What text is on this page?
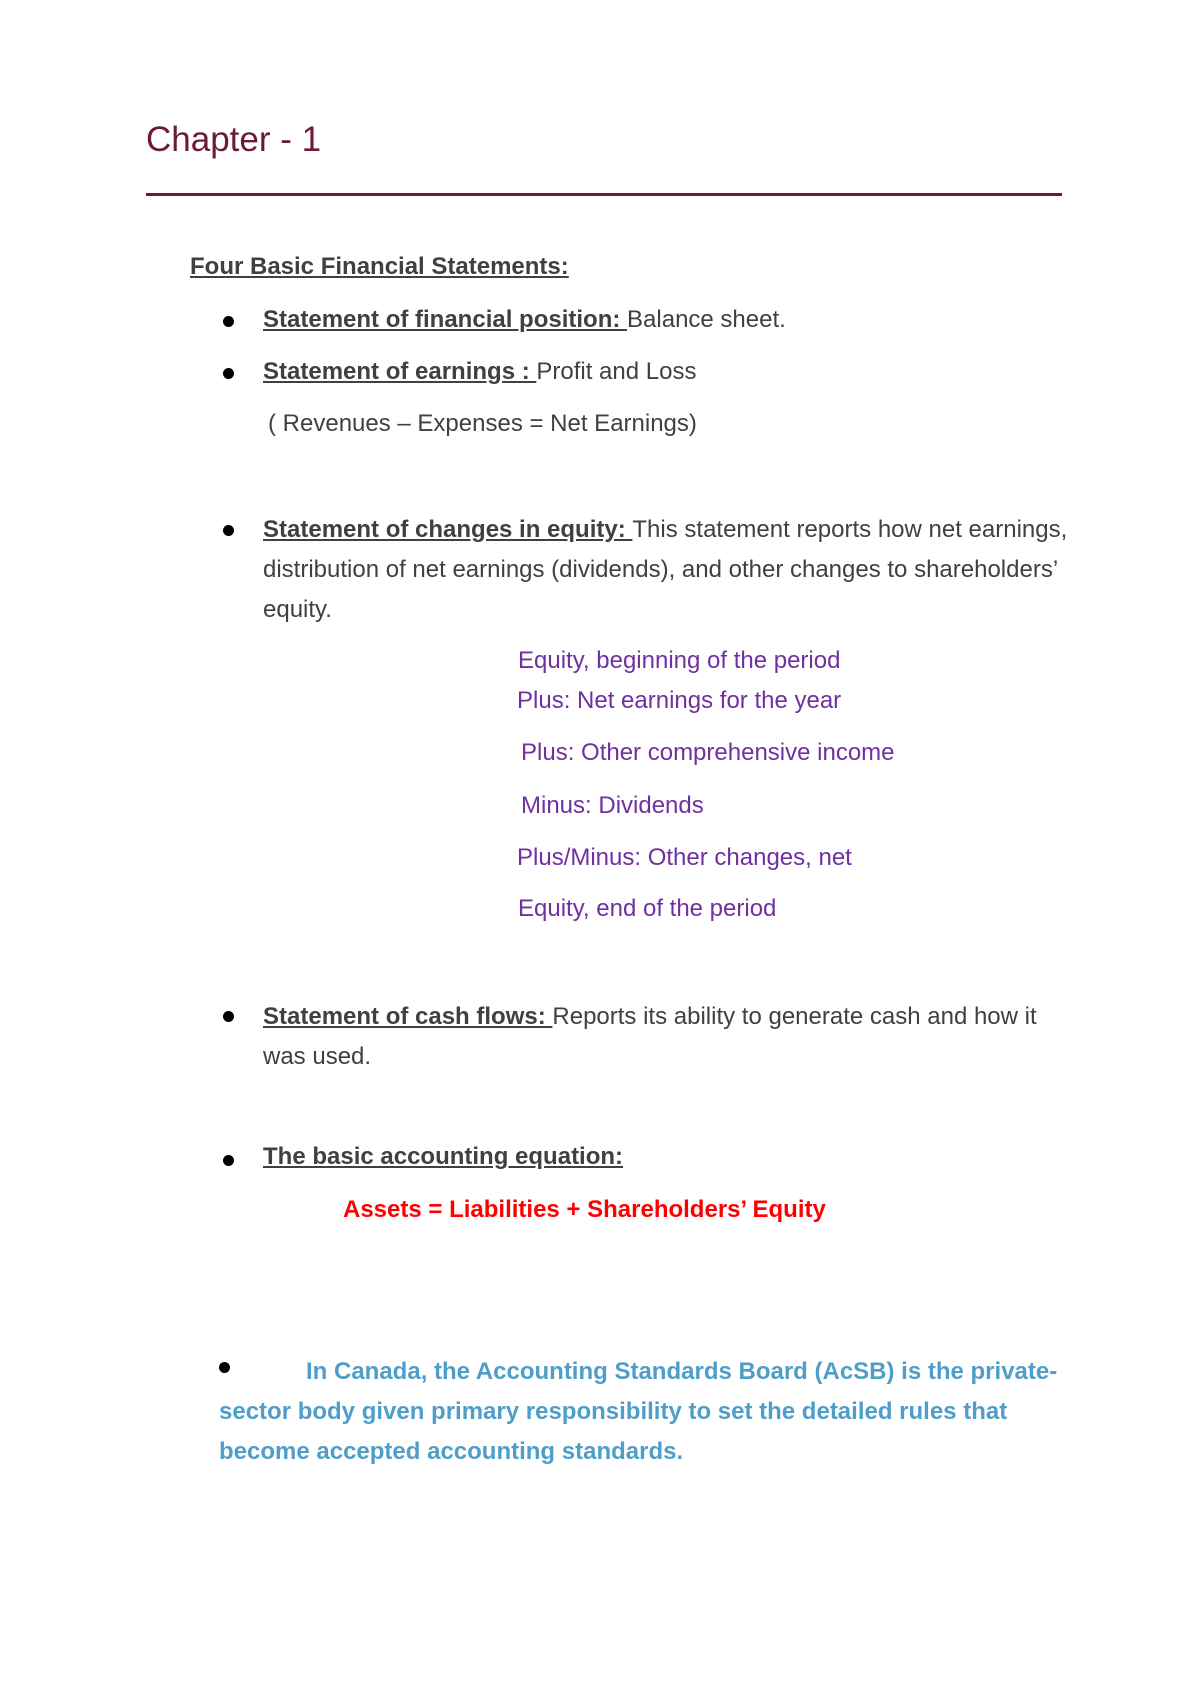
Chapter - 1
Four Basic Financial Statements:
Statement of financial position: Balance sheet.
Statement of earnings : Profit and Loss
( Revenues – Expenses = Net Earnings)
Statement of changes in equity: This statement reports how net earnings, distribution of net earnings (dividends), and other changes to shareholders’ equity.
Equity, beginning of the period
Plus: Net earnings for the year
Plus: Other comprehensive income
Minus: Dividends
Plus/Minus: Other changes, net
Equity, end of the period
Statement of cash flows: Reports its ability to generate cash and how it was used.
The basic accounting equation:
Assets = Liabilities + Shareholders’ Equity
In Canada, the Accounting Standards Board (AcSB) is the private-sector body given primary responsibility to set the detailed rules that become accepted accounting standards.
